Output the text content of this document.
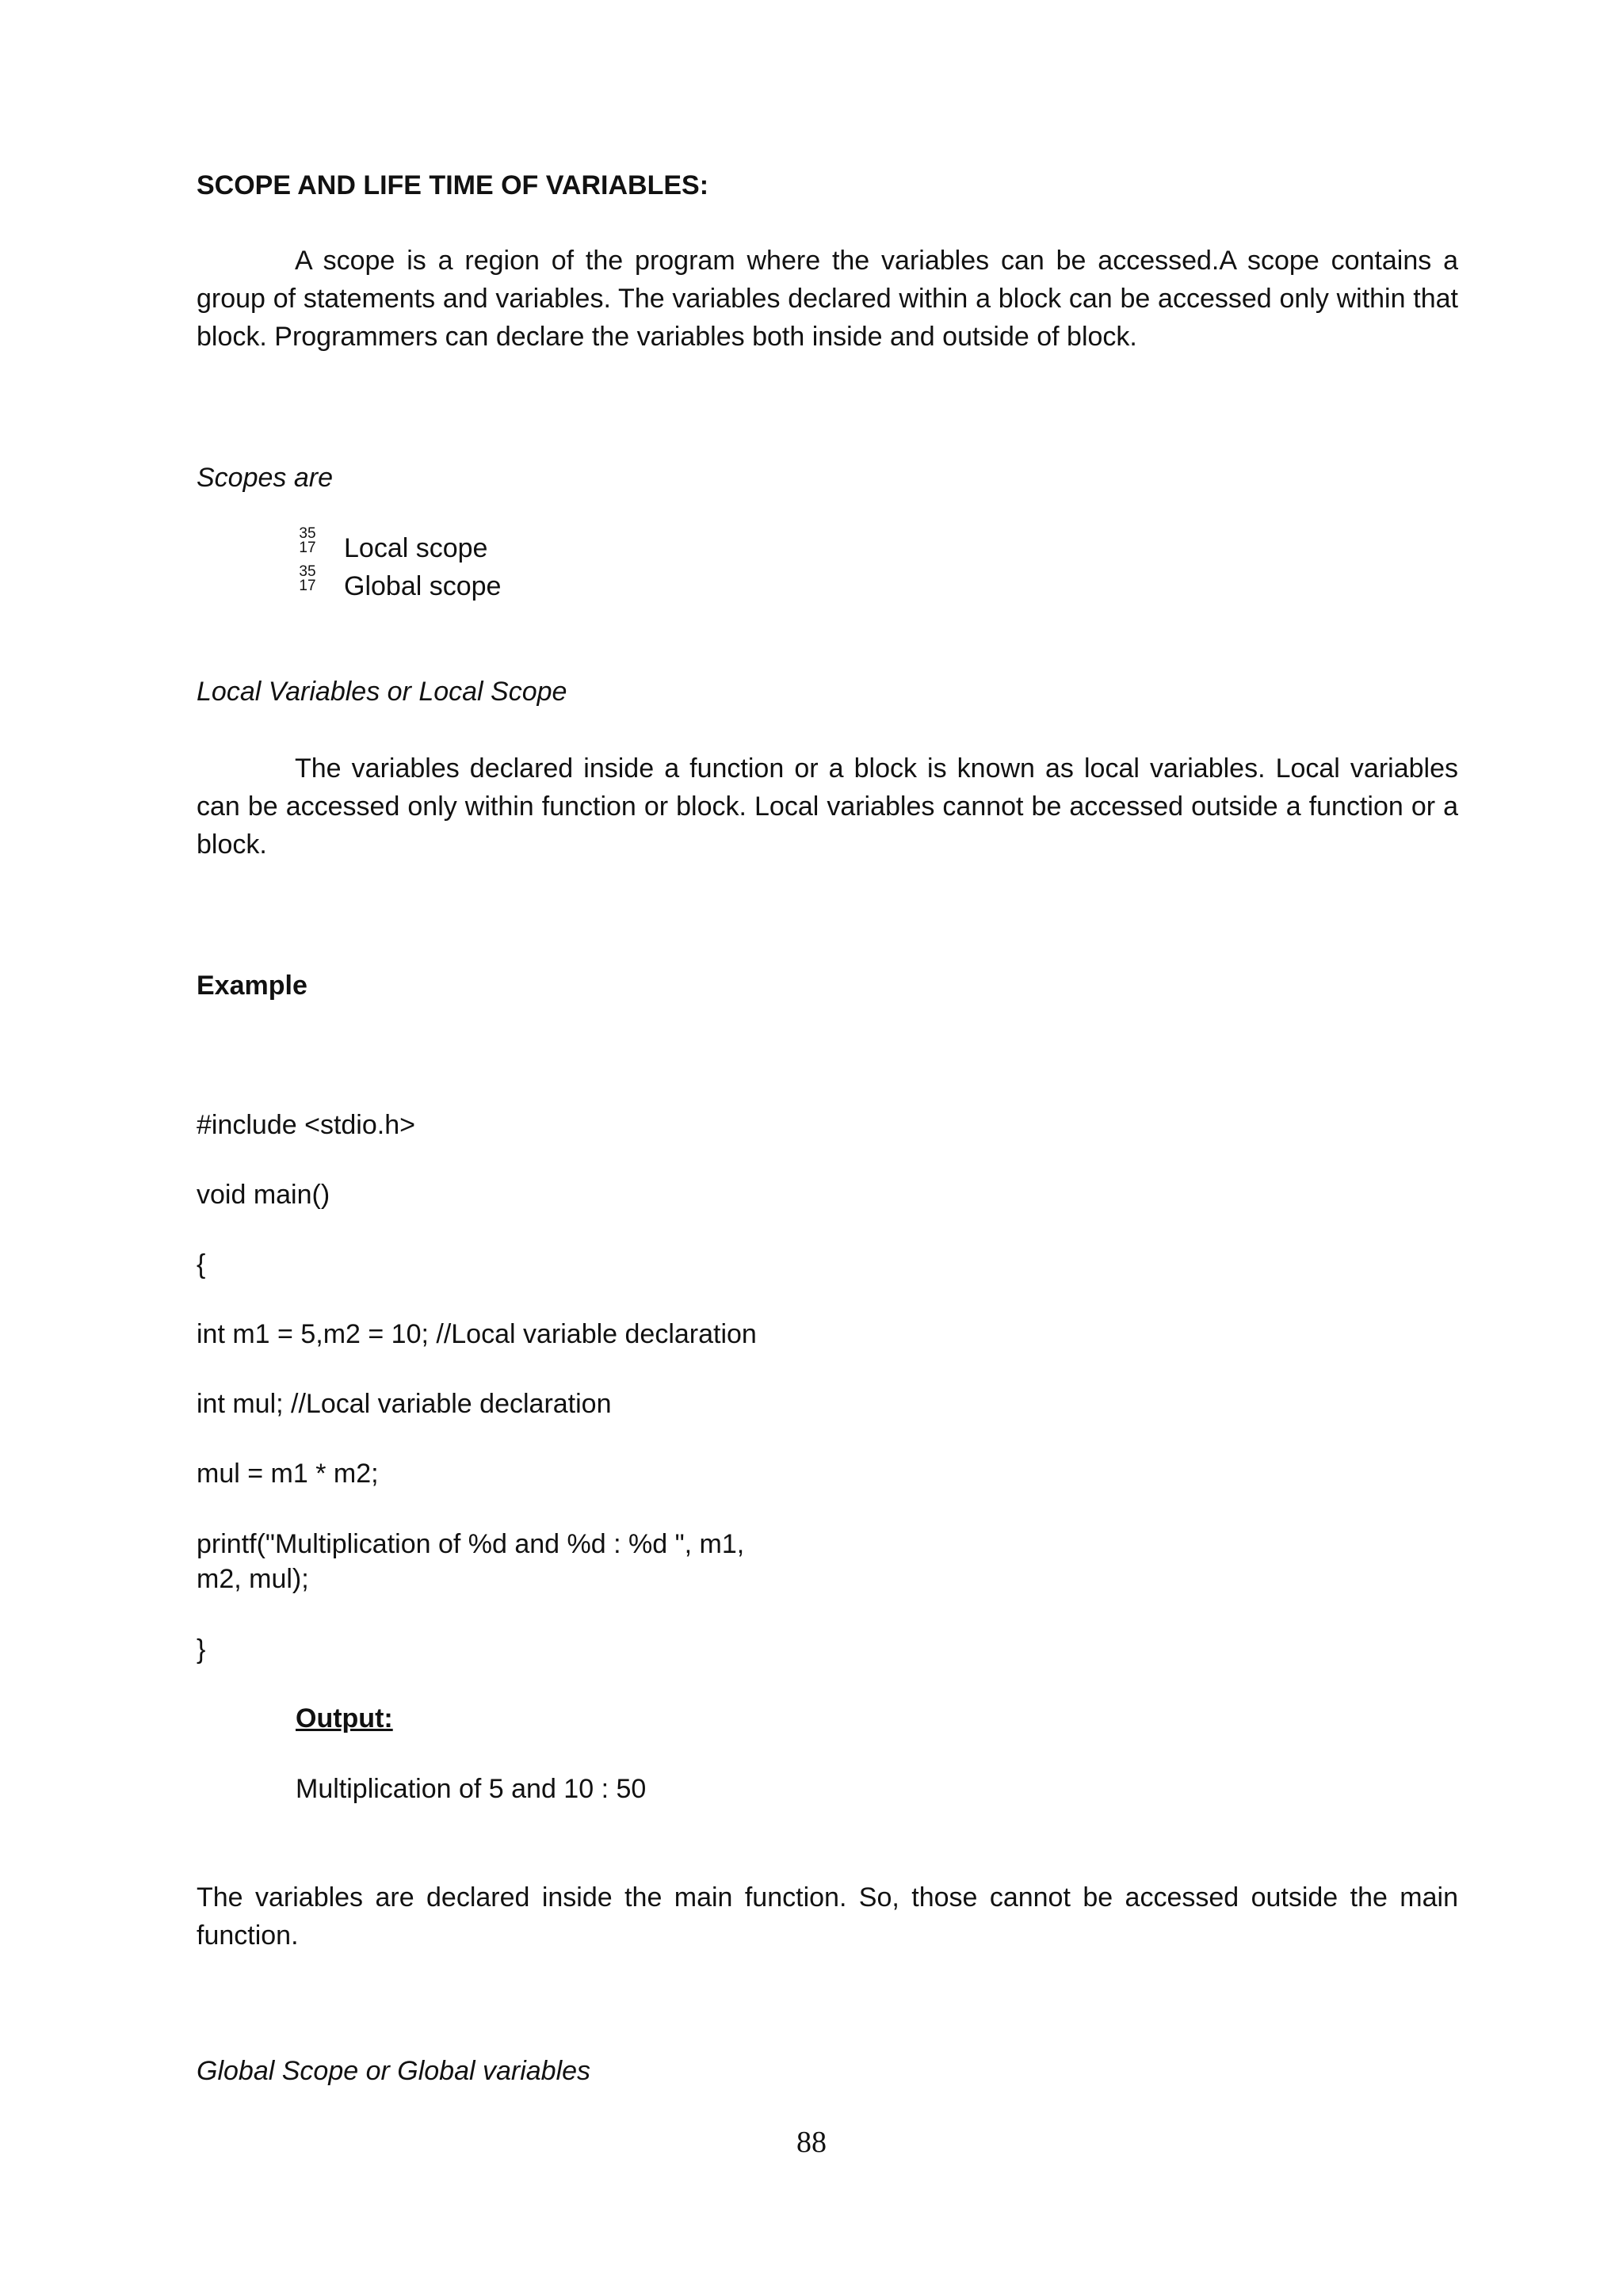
SCOPE AND LIFE TIME OF VARIABLES:
A scope is a region of the program where the variables can be accessed.A scope contains a group of statements and variables. The variables declared within a block can be accessed only within that block. Programmers can declare the variables both inside and outside of block.
Scopes are
35
17 Local scope
35
17 Global scope
Local Variables or Local Scope
The variables declared inside a function or a block is known as local variables. Local variables can be accessed only within function or block. Local variables cannot be accessed outside a function or a block.
Example
#include <stdio.h>
void main()
{
int m1 = 5,m2 = 10; //Local variable declaration
int mul; //Local variable declaration
mul = m1 * m2;
printf("Multiplication of %d and %d : %d ", m1,
m2, mul);
}
Output:
Multiplication of 5 and 10 : 50
The variables are declared inside the main function. So, those cannot be accessed outside the main function.
Global Scope or Global variables
88
